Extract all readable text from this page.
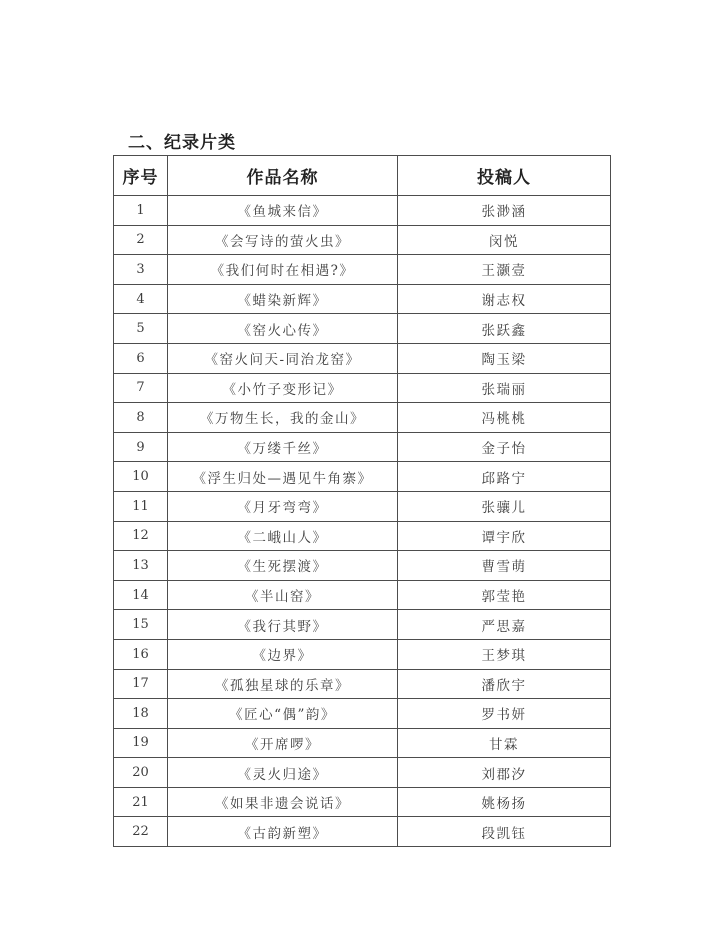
二、纪录片类
序号	作品名称	投稿人
1	《鱼城来信》	张渺涵
2	《会写诗的萤火虫》	闵悦
3	《我们何时在相遇?》	王灏壹
4	《蜡染新辉》	谢志权
5	《窑火心传》	张跃鑫
6	《窑火问天-同治龙窑》	陶玉梁
7	《小竹子变形记》	张瑞丽
8	《万物生长，我的金山》	冯桃桃
9	《万缕千丝》	金子怡
10	《浮生归处—遇见牛角寨》	邱路宁
11	《月牙弯弯》	张骧儿
12	《二峨山人》	谭宇欣
13	《生死摆渡》	曹雪萌
14	《半山窑》	郭莹艳
15	《我行其野》	严思嘉
16	《边界》	王梦琪
17	《孤独星球的乐章》	潘欣宇
18	《匠心“偶”韵》	罗书妍
19	《开席啰》	甘霖
20	《灵火归途》	刘郡汐
21	《如果非遗会说话》	姚杨扬
22	《古韵新塑》	段凯钰
